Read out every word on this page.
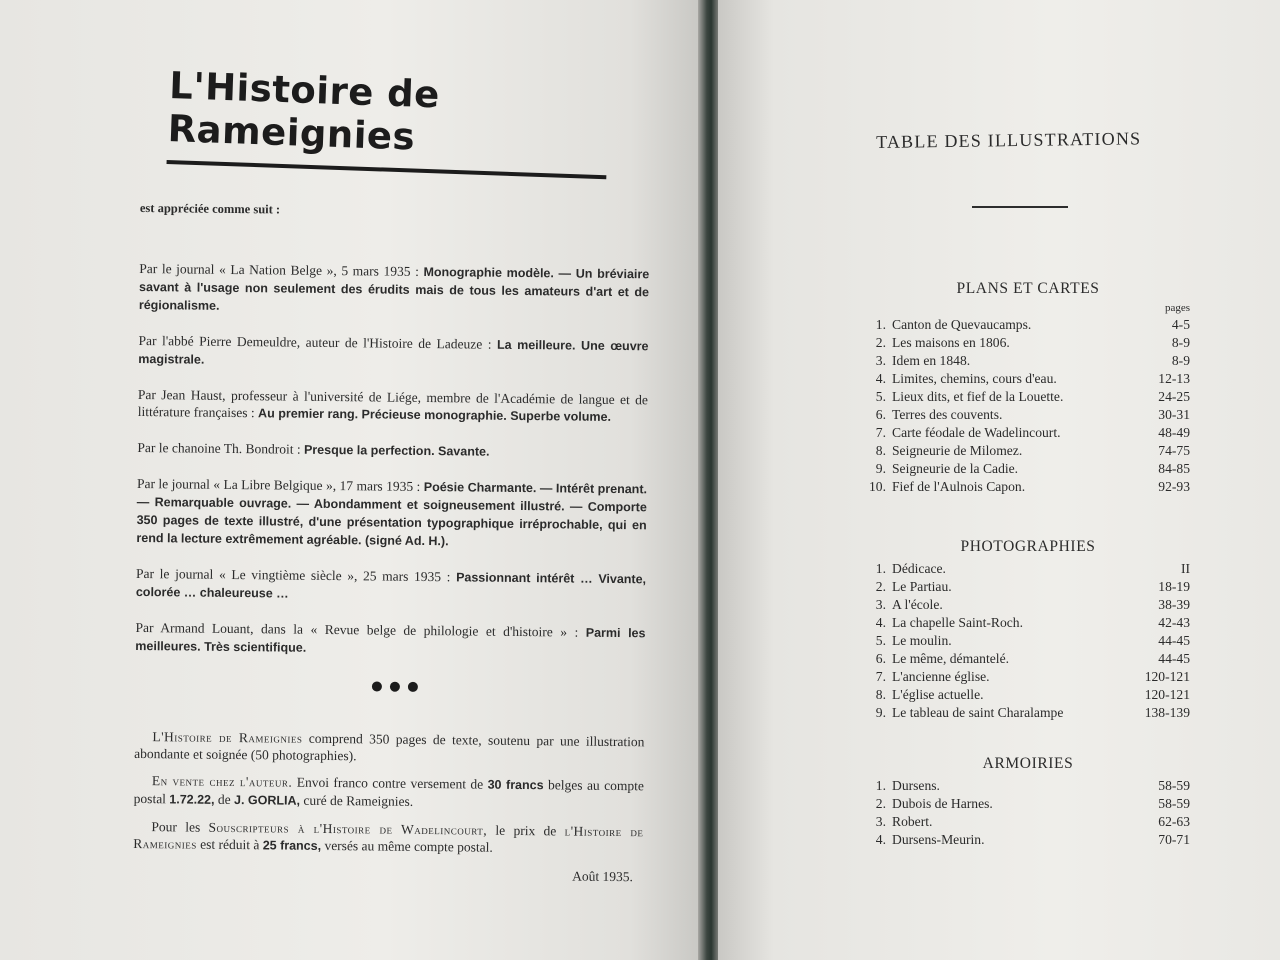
L'Histoire de Rameignies

est appréciée comme suit :

Par le journal « La Nation Belge », 5 mars 1935 : Monographie modèle. — Un bréviaire savant à l'usage non seulement des érudits mais de tous les amateurs d'art et de régionalisme.

Par l'abbé Pierre Demeuldre, auteur de l'Histoire de Ladeuze : La meilleure. Une œuvre magistrale.

Par Jean Haust, professeur à l'université de Liége, membre de l'Académie de langue et de littérature françaises : Au premier rang. Précieuse monographie. Superbe volume.

Par le chanoine Th. Bondroit : Presque la perfection. Savante.

Par le journal « La Libre Belgique », 17 mars 1935 : Poésie Charmante. — Intérêt prenant. — Remarquable ouvrage. — Abondamment et soigneusement illustré. — Comporte 350 pages de texte illustré, d'une présentation typographique irréprochable, qui en rend la lecture extrêmement agréable. (signé Ad. H.).

Par le journal « Le vingtième siècle », 25 mars 1935 : Passionnant intérêt … Vivante, colorée … chaleureuse …

Par Armand Louant, dans la « Revue belge de philologie et d'histoire » : Parmi les meilleures. Très scientifique.

L'Histoire de Rameignies comprend 350 pages de texte, soutenu par une illustration abondante et soignée (50 photographies).

En vente chez l'auteur. Envoi franco contre versement de 30 francs belges au compte postal 1.72.22, de J. GORLIA, curé de Rameignies.

Pour les Souscripteurs à l'Histoire de Wadelincourt, le prix de l'Histoire de Rameignies est réduit à 25 francs, versés au même compte postal.

Août 1935.

TABLE DES ILLUSTRATIONS

PLANS ET CARTES

pages

1. Canton de Quevaucamps.	4-5
2. Les maisons en 1806.	8-9
3. Idem en 1848.	8-9
4. Limites, chemins, cours d'eau.	12-13
5. Lieux dits, et fief de la Louette.	24-25
6. Terres des couvents.	30-31
7. Carte féodale de Wadelincourt.	48-49
8. Seigneurie de Milomez.	74-75
9. Seigneurie de la Cadie.	84-85
10. Fief de l'Aulnois Capon.	92-93

PHOTOGRAPHIES

1. Dédicace.	II
2. Le Partiau.	18-19
3. A l'école.	38-39
4. La chapelle Saint-Roch.	42-43
5. Le moulin.	44-45
6. Le même, démantelé.	44-45
7. L'ancienne église.	120-121
8. L'église actuelle.	120-121
9. Le tableau de saint Charalampe	138-139

ARMOIRIES

1. Dursens.	58-59
2. Dubois de Harnes.	58-59
3. Robert.	62-63
4. Dursens-Meurin.	70-71
